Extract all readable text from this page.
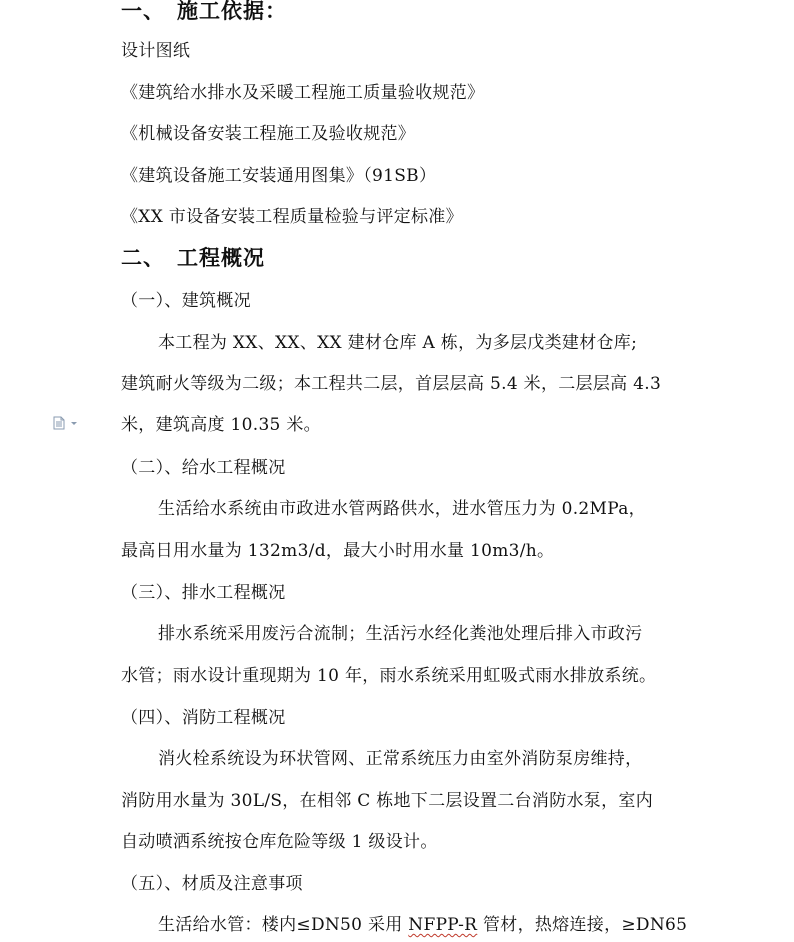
一、 施工依据：
设计图纸
《建筑给水排水及采暖工程施工质量验收规范》
《机械设备安装工程施工及验收规范》
《建筑设备施工安装通用图集》（91SB）
《XX 市设备安装工程质量检验与评定标准》
二、 工程概况
（一）、建筑概况
本工程为 XX、XX、XX 建材仓库 A 栋，为多层戊类建材仓库;
建筑耐火等级为二级；本工程共二层，首层层高 5.4 米，二层层高 4.3
米，建筑高度 10.35 米。
（二）、给水工程概况
生活给水系统由市政进水管两路供水，进水管压力为 0.2MPa，
最高日用水量为 132m3/d，最大小时用水量 10m3/h。
（三）、排水工程概况
排水系统采用废污合流制；生活污水经化粪池处理后排入市政污
水管；雨水设计重现期为 10 年，雨水系统采用虹吸式雨水排放系统。
（四）、消防工程概况
消火栓系统设为环状管网、正常系统压力由室外消防泵房维持，
消防用水量为 30L/S，在相邻 C 栋地下二层设置二台消防水泵，室内
自动喷洒系统按仓库危险等级 1 级设计。
（五）、材质及注意事项
生活给水管：楼内≤DN50 采用 NFPP-R 管材，热熔连接，≥DN65
